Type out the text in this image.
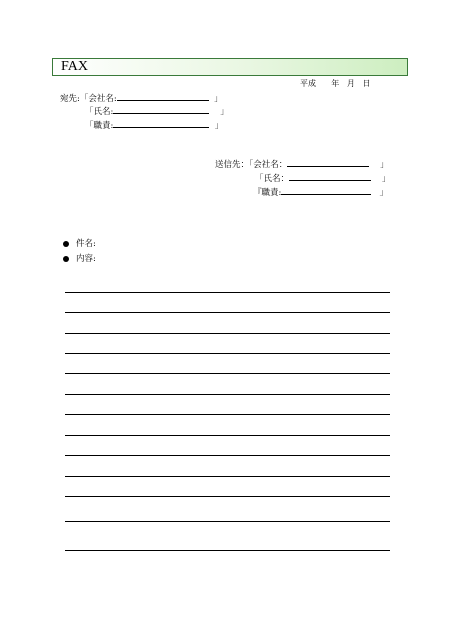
FAX
平成 年 月 日
宛先:「会社名:	」
「氏名:	」
「職責:	」
送信先：「会社名：	」
「氏名：	」
『職責:	」
件名:
内容:
